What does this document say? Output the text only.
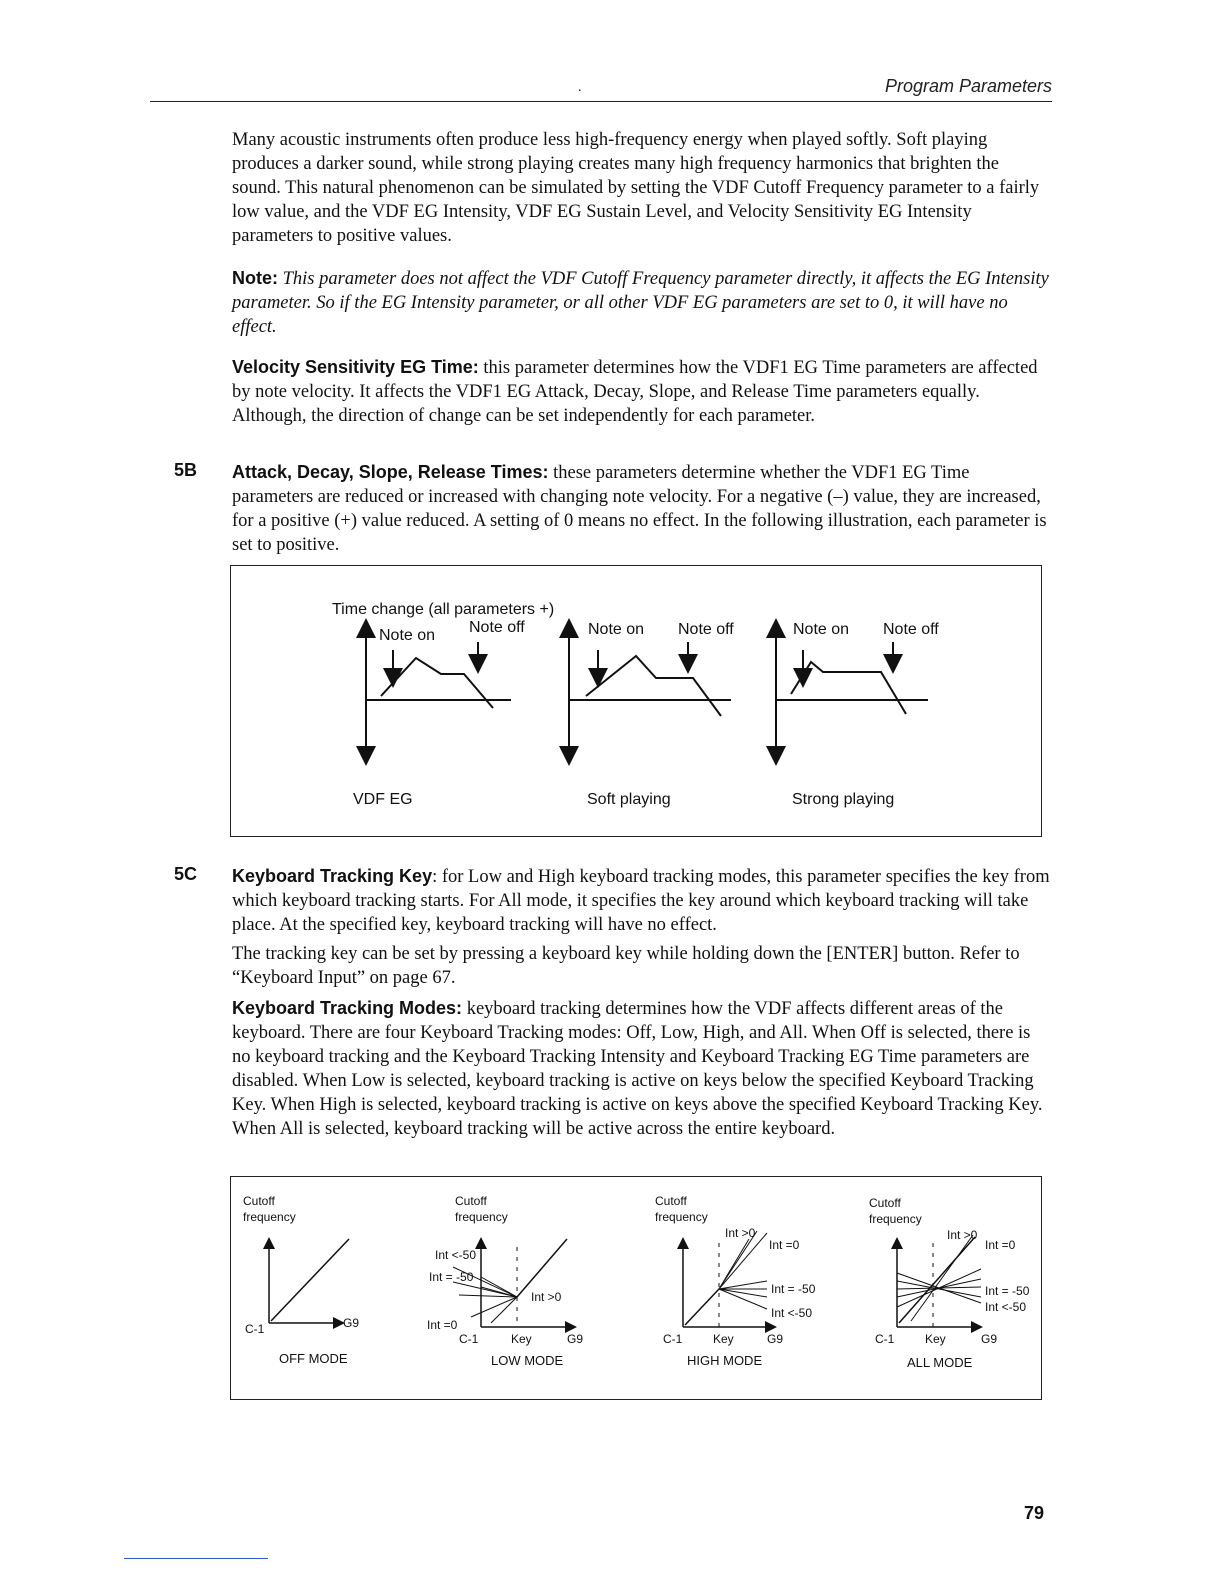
Program Parameters
.

Many acoustic instruments often produce less high-frequency energy when played softly. Soft playing produces a darker sound, while strong playing creates many high frequency harmonics that brighten the sound. This natural phenomenon can be simulated by setting the VDF Cutoff Frequency parameter to a fairly low value, and the VDF EG Intensity, VDF EG Sustain Level, and Velocity Sensitivity EG Intensity parameters to positive values.

Note: This parameter does not affect the VDF Cutoff Frequency parameter directly, it affects the EG Intensity parameter. So if the EG Intensity parameter, or all other VDF EG parameters are set to 0, it will have no effect.

Velocity Sensitivity EG Time: this parameter determines how the VDF1 EG Time parameters are affected by note velocity. It affects the VDF1 EG Attack, Decay, Slope, and Release Time parameters equally. Although, the direction of change can be set independently for each parameter.

5B Attack, Decay, Slope, Release Times: these parameters determine whether the VDF1 EG Time parameters are reduced or increased with changing note velocity. For a negative (–) value, they are increased, for a positive (+) value reduced. A setting of 0 means no effect. In the following illustration, each parameter is set to positive.

Time change (all parameters +)
Note on Note off
VDF EG
Note on Note off
Soft playing
Note on Note off
Strong playing
5C Keyboard Tracking Key: for Low and High keyboard tracking modes, this parameter specifies the key from which keyboard tracking starts. For All mode, it specifies the key around which keyboard tracking will take place. At the specified key, keyboard tracking will have no effect.

The tracking key can be set by pressing a keyboard key while holding down the [ENTER] button. Refer to “Keyboard Input” on page 67.

Keyboard Tracking Modes: keyboard tracking determines how the VDF affects different areas of the keyboard. There are four Keyboard Tracking modes: Off, Low, High, and All. When Off is selected, there is no keyboard tracking and the Keyboard Tracking Intensity and Keyboard Tracking EG Time parameters are disabled. When Low is selected, keyboard tracking is active on keys below the specified Keyboard Tracking Key. When High is selected, keyboard tracking is active on keys above the specified Keyboard Tracking Key. When All is selected, keyboard tracking will be active across the entire keyboard.

Cutoff
frequency
C-1	G9
OFF MODE
Cutoff
frequency
Int <-50
Int = -50
Int >0
Int =0
C-1	Key	G9
LOW MODE
Cutoff
frequency
Int >0
Int =0
Int = -50
Int <-50
C-1	Key	G9
HIGH MODE
Cutoff
frequency
Int >0
Int =0
Int = -50
Int <-50
C-1	Key	G9
ALL MODE
79
